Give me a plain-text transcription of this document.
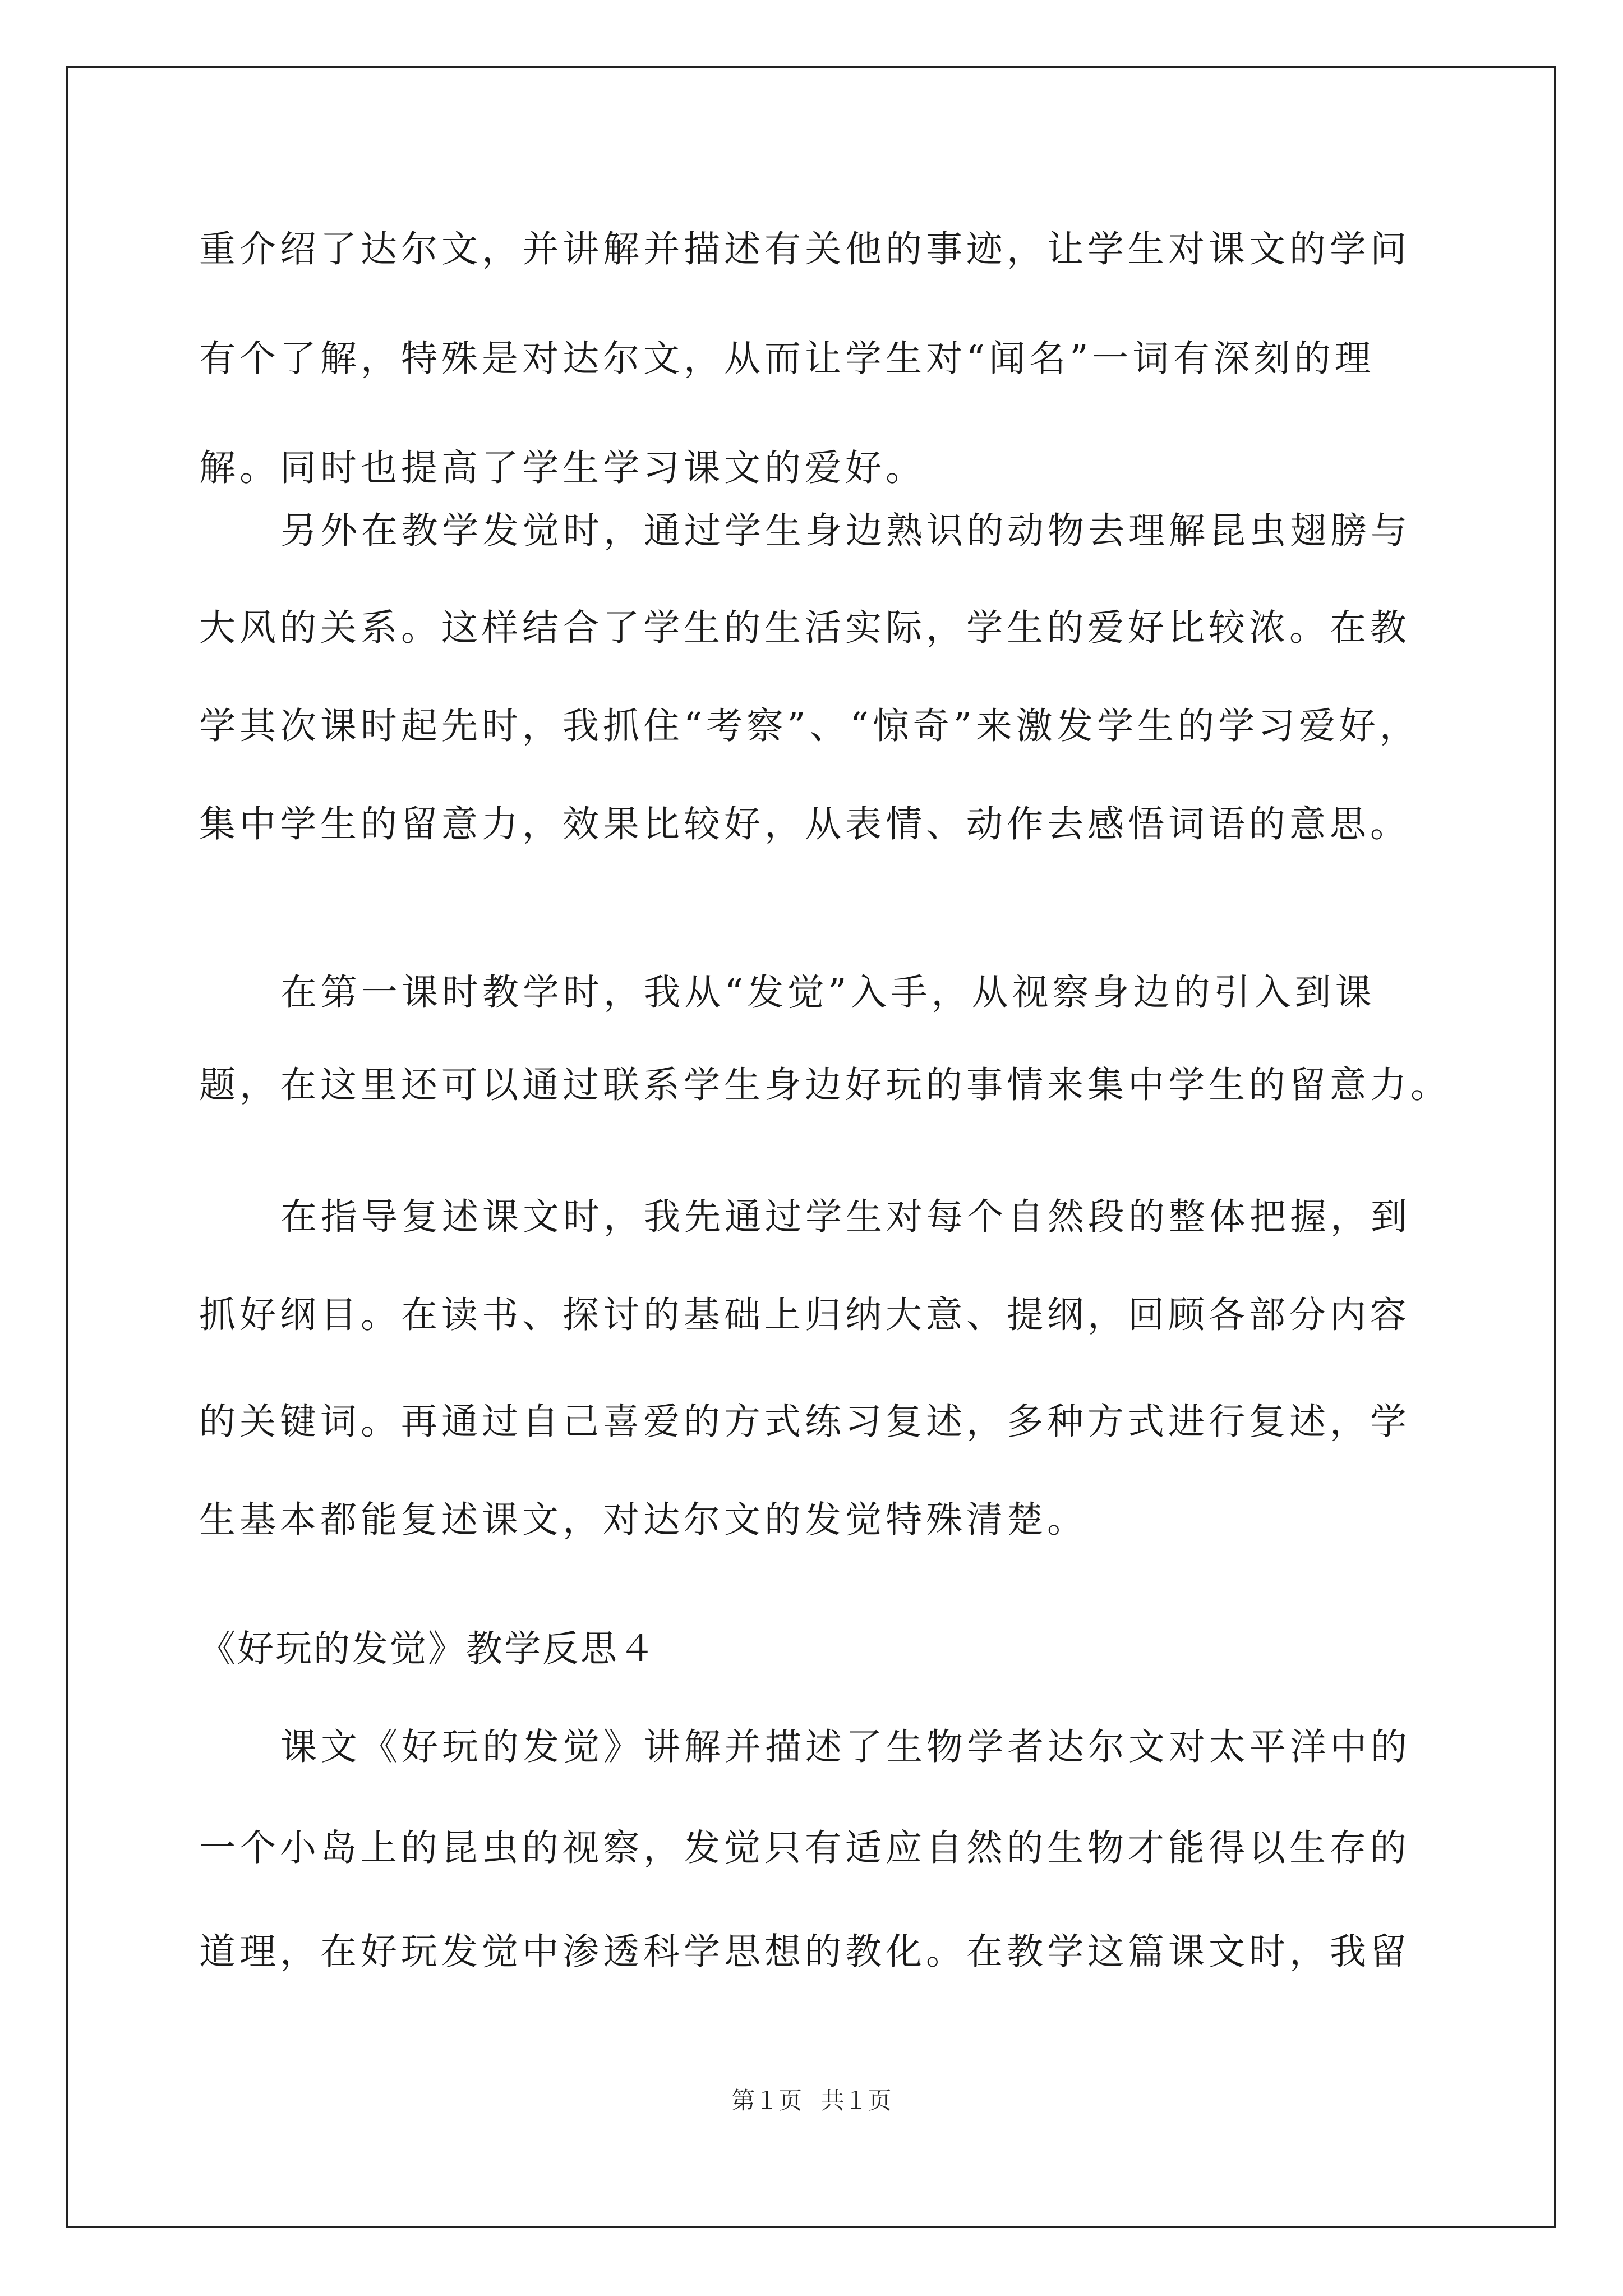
重介绍了达尔文，并讲解并描述有关他的事迹，让学生对课文的学问
有个了解，特殊是对达尔文，从而让学生对“闻名”一词有深刻的理
解。同时也提高了学生学习课文的爱好。
另外在教学发觉时，通过学生身边熟识的动物去理解昆虫翅膀与
大风的关系。这样结合了学生的生活实际，学生的爱好比较浓。在教
学其次课时起先时，我抓住“考察”、“惊奇”来激发学生的学习爱好，
集中学生的留意力，效果比较好，从表情、动作去感悟词语的意思。
在第一课时教学时，我从“发觉”入手，从视察身边的引入到课
题，在这里还可以通过联系学生身边好玩的事情来集中学生的留意力。
在指导复述课文时，我先通过学生对每个自然段的整体把握，到
抓好纲目。在读书、探讨的基础上归纳大意、提纲，回顾各部分内容
的关键词。再通过自己喜爱的方式练习复述，多种方式进行复述，学
生基本都能复述课文，对达尔文的发觉特殊清楚。
《好玩的发觉》教学反思４
课文《好玩的发觉》讲解并描述了生物学者达尔文对太平洋中的
一个小岛上的昆虫的视察，发觉只有适应自然的生物才能得以生存的
道理，在好玩发觉中渗透科学思想的教化。在教学这篇课文时，我留
第１页 共１页
